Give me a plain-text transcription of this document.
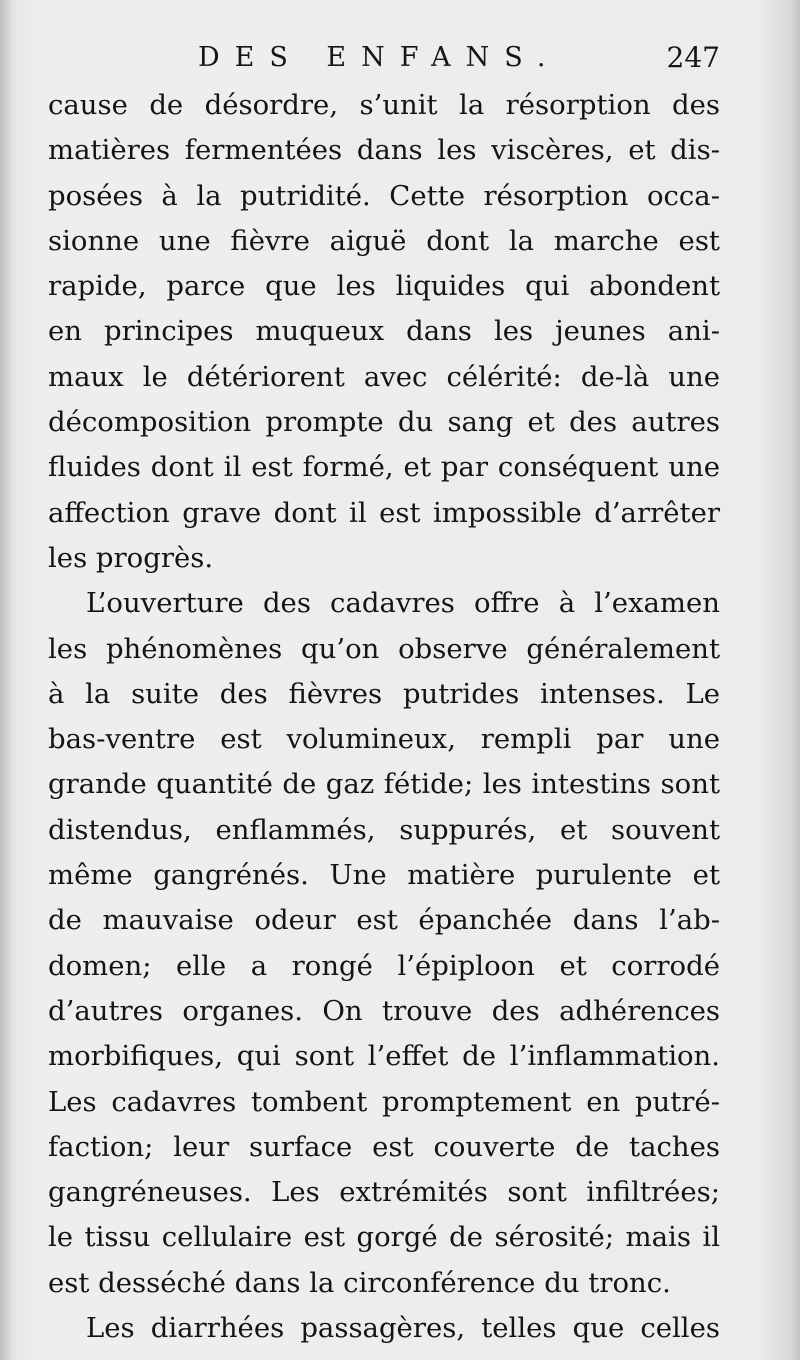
DES ENFANS.	247
cause de désordre, s’unit la résorption des
matières fermentées dans les viscères, et dis-
posées à la putridité. Cette résorption occa-
sionne une fièvre aiguë dont la marche est
rapide, parce que les liquides qui abondent
en principes muqueux dans les jeunes ani-
maux le détériorent avec célérité: de-là une
décomposition prompte du sang et des autres
fluides dont il est formé, et par conséquent une
affection grave dont il est impossible d’arrêter
les progrès.
L’ouverture des cadavres offre à l’examen
les phénomènes qu’on observe généralement
à la suite des fièvres putrides intenses. Le
bas-ventre est volumineux, rempli par une
grande quantité de gaz fétide; les intestins sont
distendus, enflammés, suppurés, et souvent
même gangrénés. Une matière purulente et
de mauvaise odeur est épanchée dans l’ab-
domen; elle a rongé l’épiploon et corrodé
d’autres organes. On trouve des adhérences
morbifiques, qui sont l’effet de l’inflammation.
Les cadavres tombent promptement en putré-
faction; leur surface est couverte de taches
gangréneuses. Les extrémités sont infiltrées;
le tissu cellulaire est gorgé de sérosité; mais il
est desséché dans la circonférence du tronc.
Les diarrhées passagères, telles que celles
